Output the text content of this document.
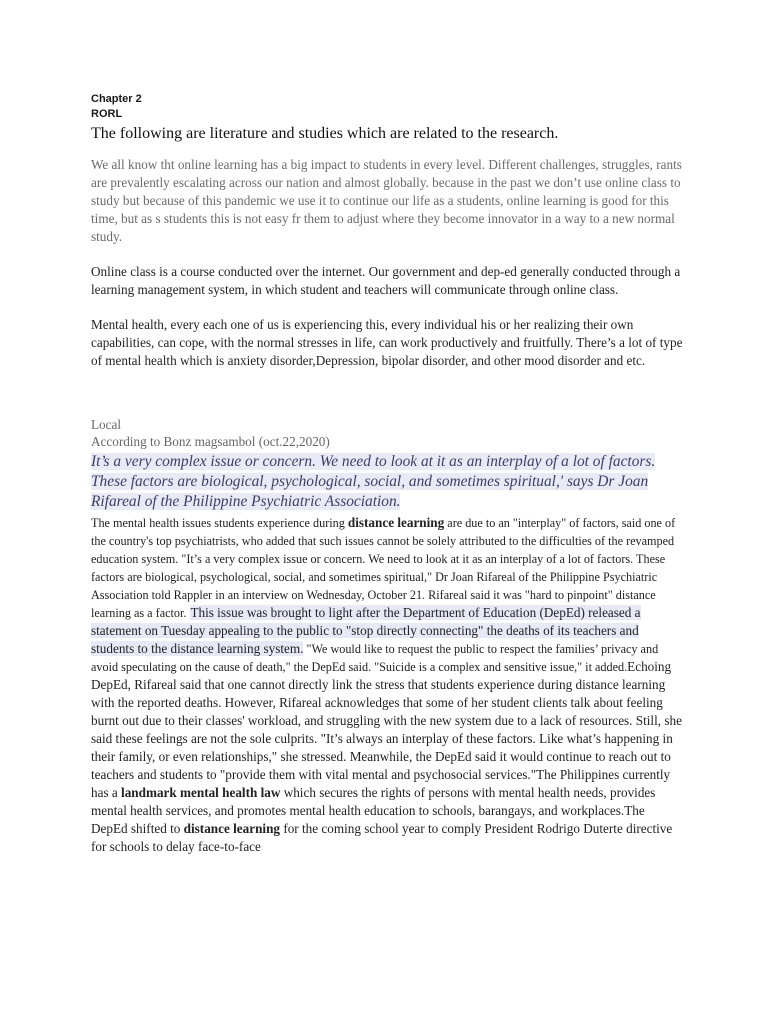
Chapter 2
RORL
The following are literature and studies which are related to the research.

We all know tht online learning has a big impact to students in every level. Different challenges, struggles, rants are prevalently escalating across our nation and almost globally. because in the past we don’t use online class to study but because of this pandemic we use it to continue our life as a students, online learning is good for this time, but as s students this is not easy fr them to adjust where they become innovator in a way to a new normal study.

Online class is a course conducted over the internet. Our government and dep-ed generally conducted through a learning management system, in which student and teachers will communicate through online class.

Mental health, every each one of us is experiencing this, every individual his or her realizing their own capabilities, can cope, with the normal stresses in life, can work productively and fruitfully. There’s a lot of type of mental health which is anxiety disorder,Depression, bipolar disorder, and other mood disorder and etc.

Local
According to Bonz magsambol (oct.22,2020)
It’s a very complex issue or concern. We need to look at it as an interplay of a lot of factors. These factors are biological, psychological, social, and sometimes spiritual,' says Dr Joan Rifareal of the Philippine Psychiatric Association.
The mental health issues students experience during distance learning are due to an "interplay" of factors, said one of the country's top psychiatrists, who added that such issues cannot be solely attributed to the difficulties of the revamped education system. "It’s a very complex issue or concern. We need to look at it as an interplay of a lot of factors. These factors are biological, psychological, social, and sometimes spiritual," Dr Joan Rifareal of the Philippine Psychiatric Association told Rappler in an interview on Wednesday, October 21. Rifareal said it was "hard to pinpoint" distance learning as a factor. This issue was brought to light after the Department of Education (DepEd) released a statement on Tuesday appealing to the public to "stop directly connecting" the deaths of its teachers and students to the distance learning system. "We would like to request the public to respect the families’ privacy and avoid speculating on the cause of death," the DepEd said. "Suicide is a complex and sensitive issue," it added.Echoing DepEd, Rifareal said that one cannot directly link the stress that students experience during distance learning with the reported deaths. However, Rifareal acknowledges that some of her student clients talk about feeling burnt out due to their classes' workload, and struggling with the new system due to a lack of resources. Still, she said these feelings are not the sole culprits. "It’s always an interplay of these factors. Like what’s happening in their family, or even relationships," she stressed. Meanwhile, the DepEd said it would continue to reach out to teachers and students to "provide them with vital mental and psychosocial services."The Philippines currently has a landmark mental health law which secures the rights of persons with mental health needs, provides mental health services, and promotes mental health education to schools, barangays, and workplaces.The DepEd shifted to distance learning for the coming school year to comply President Rodrigo Duterte directive for schools to delay face-to-face
